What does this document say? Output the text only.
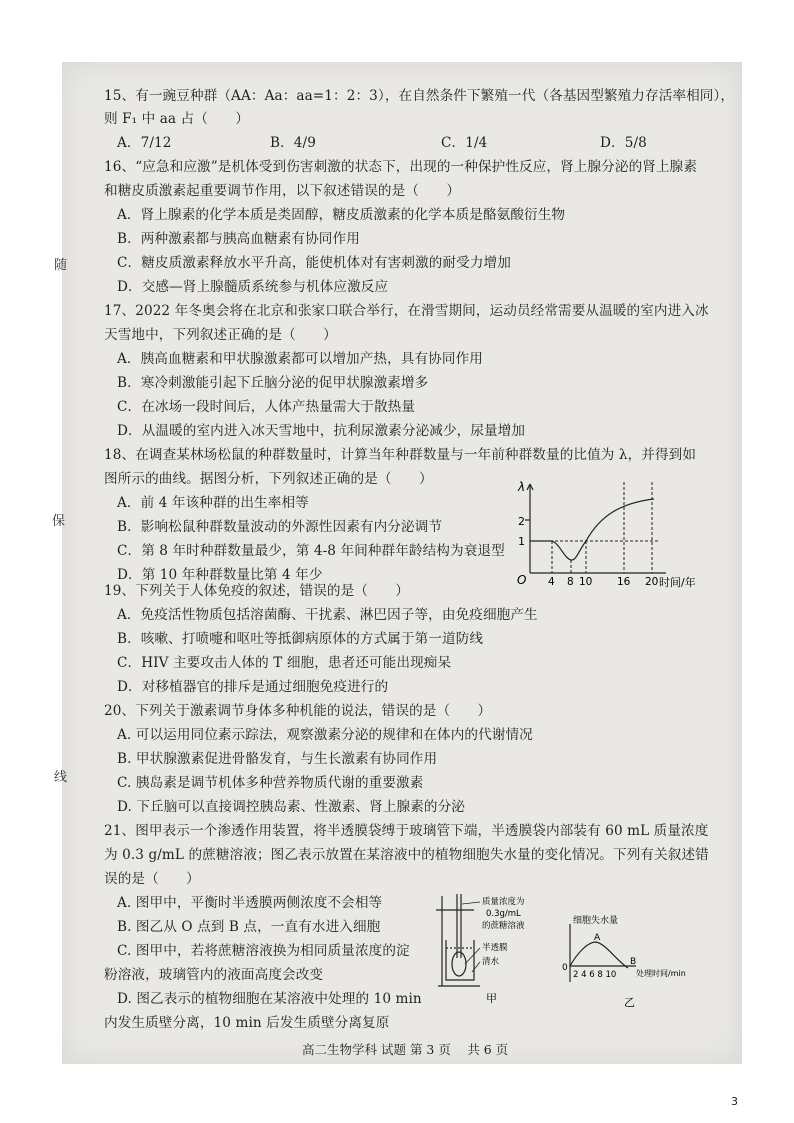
随
保
15、有一豌豆种群（AA：Aa：aa=1：2：3），在自然条件下繁殖一代（各基因型繁殖力存活率相同），
则 F₁ 中 aa 占（　　）
A．7/12	B．4/9	C．1/4	D．5/8
16、“应急和应激”是机体受到伤害刺激的状态下，出现的一种保护性反应，肾上腺分泌的肾上腺素
和糖皮质激素起重要调节作用，以下叙述错误的是（　　）
A．肾上腺素的化学本质是类固醇，糖皮质激素的化学本质是酪氨酸衍生物
B．两种激素都与胰高血糖素有协同作用
C．糖皮质激素释放水平升高，能使机体对有害刺激的耐受力增加
D．交感—肾上腺髓质系统参与机体应激反应
17、2022 年冬奥会将在北京和张家口联合举行，在滑雪期间，运动员经常需要从温暖的室内进入冰
天雪地中，下列叙述正确的是（　　）
A．胰高血糖素和甲状腺激素都可以增加产热，具有协同作用
B．寒冷刺激能引起下丘脑分泌的促甲状腺激素增多
C．在冰场一段时间后，人体产热量需大于散热量
D．从温暖的室内进入冰天雪地中，抗利尿激素分泌减少，尿量增加
18、在调查某林场松鼠的种群数量时，计算当年种群数量与一年前种群数量的比值为 λ，并得到如
图所示的曲线。据图分析，下列叙述正确的是（　　）
A．前 4 年该种群的出生率相等
B．影响松鼠种群数量波动的外源性因素有内分泌调节
C．第 8 年时种群数量最少，第 4-8 年间种群年龄结构为衰退型
D．第 10 年种群数量比第 4 年少
λ
2
1
O 4 8 10 16 20 时间/年
19、下列关于人体免疫的叙述，错误的是（　　）
A．免疫活性物质包括溶菌酶、干扰素、淋巴因子等，由免疫细胞产生
B．咳嗽、打喷嚏和呕吐等抵御病原体的方式属于第一道防线
C．HIV 主要攻击人体的 T 细胞，患者还可能出现痴呆
D．对移植器官的排斥是通过细胞免疫进行的
20、下列关于激素调节身体多种机能的说法，错误的是（　　）
A. 可以运用同位素示踪法，观察激素分泌的规律和在体内的代谢情况
B. 甲状腺激素促进骨骼发育，与生长激素有协同作用
C. 胰岛素是调节机体多种营养物质代谢的重要激素
D. 下丘脑可以直接调控胰岛素、性激素、肾上腺素的分泌
线
21、图甲表示一个渗透作用装置，将半透膜袋缚于玻璃管下端，半透膜袋内部装有 60 mL 质量浓度
为 0.3 g/mL 的蔗糖溶液；图乙表示放置在某溶液中的植物细胞失水量的变化情况。下列有关叙述错
误的是（　　）
A. 图甲中，平衡时半透膜两侧浓度不会相等
B. 图乙从 O 点到 B 点，一直有水进入细胞
C. 图甲中，若将蔗糖溶液换为相同质量浓度的淀
粉溶液，玻璃管内的液面高度会改变
D. 图乙表示的植物细胞在某溶液中处理的 10 min
内发生质壁分离，10 min 后发生质壁分离复原
质量浓度为
0.3g/mL
的蔗糖溶液
半透膜
清水
甲
细胞失水量
A
B
0
2 4 6 8 10 处理时间/min
乙
高二生物学科 试题 第 3 页　 共 6 页
3
